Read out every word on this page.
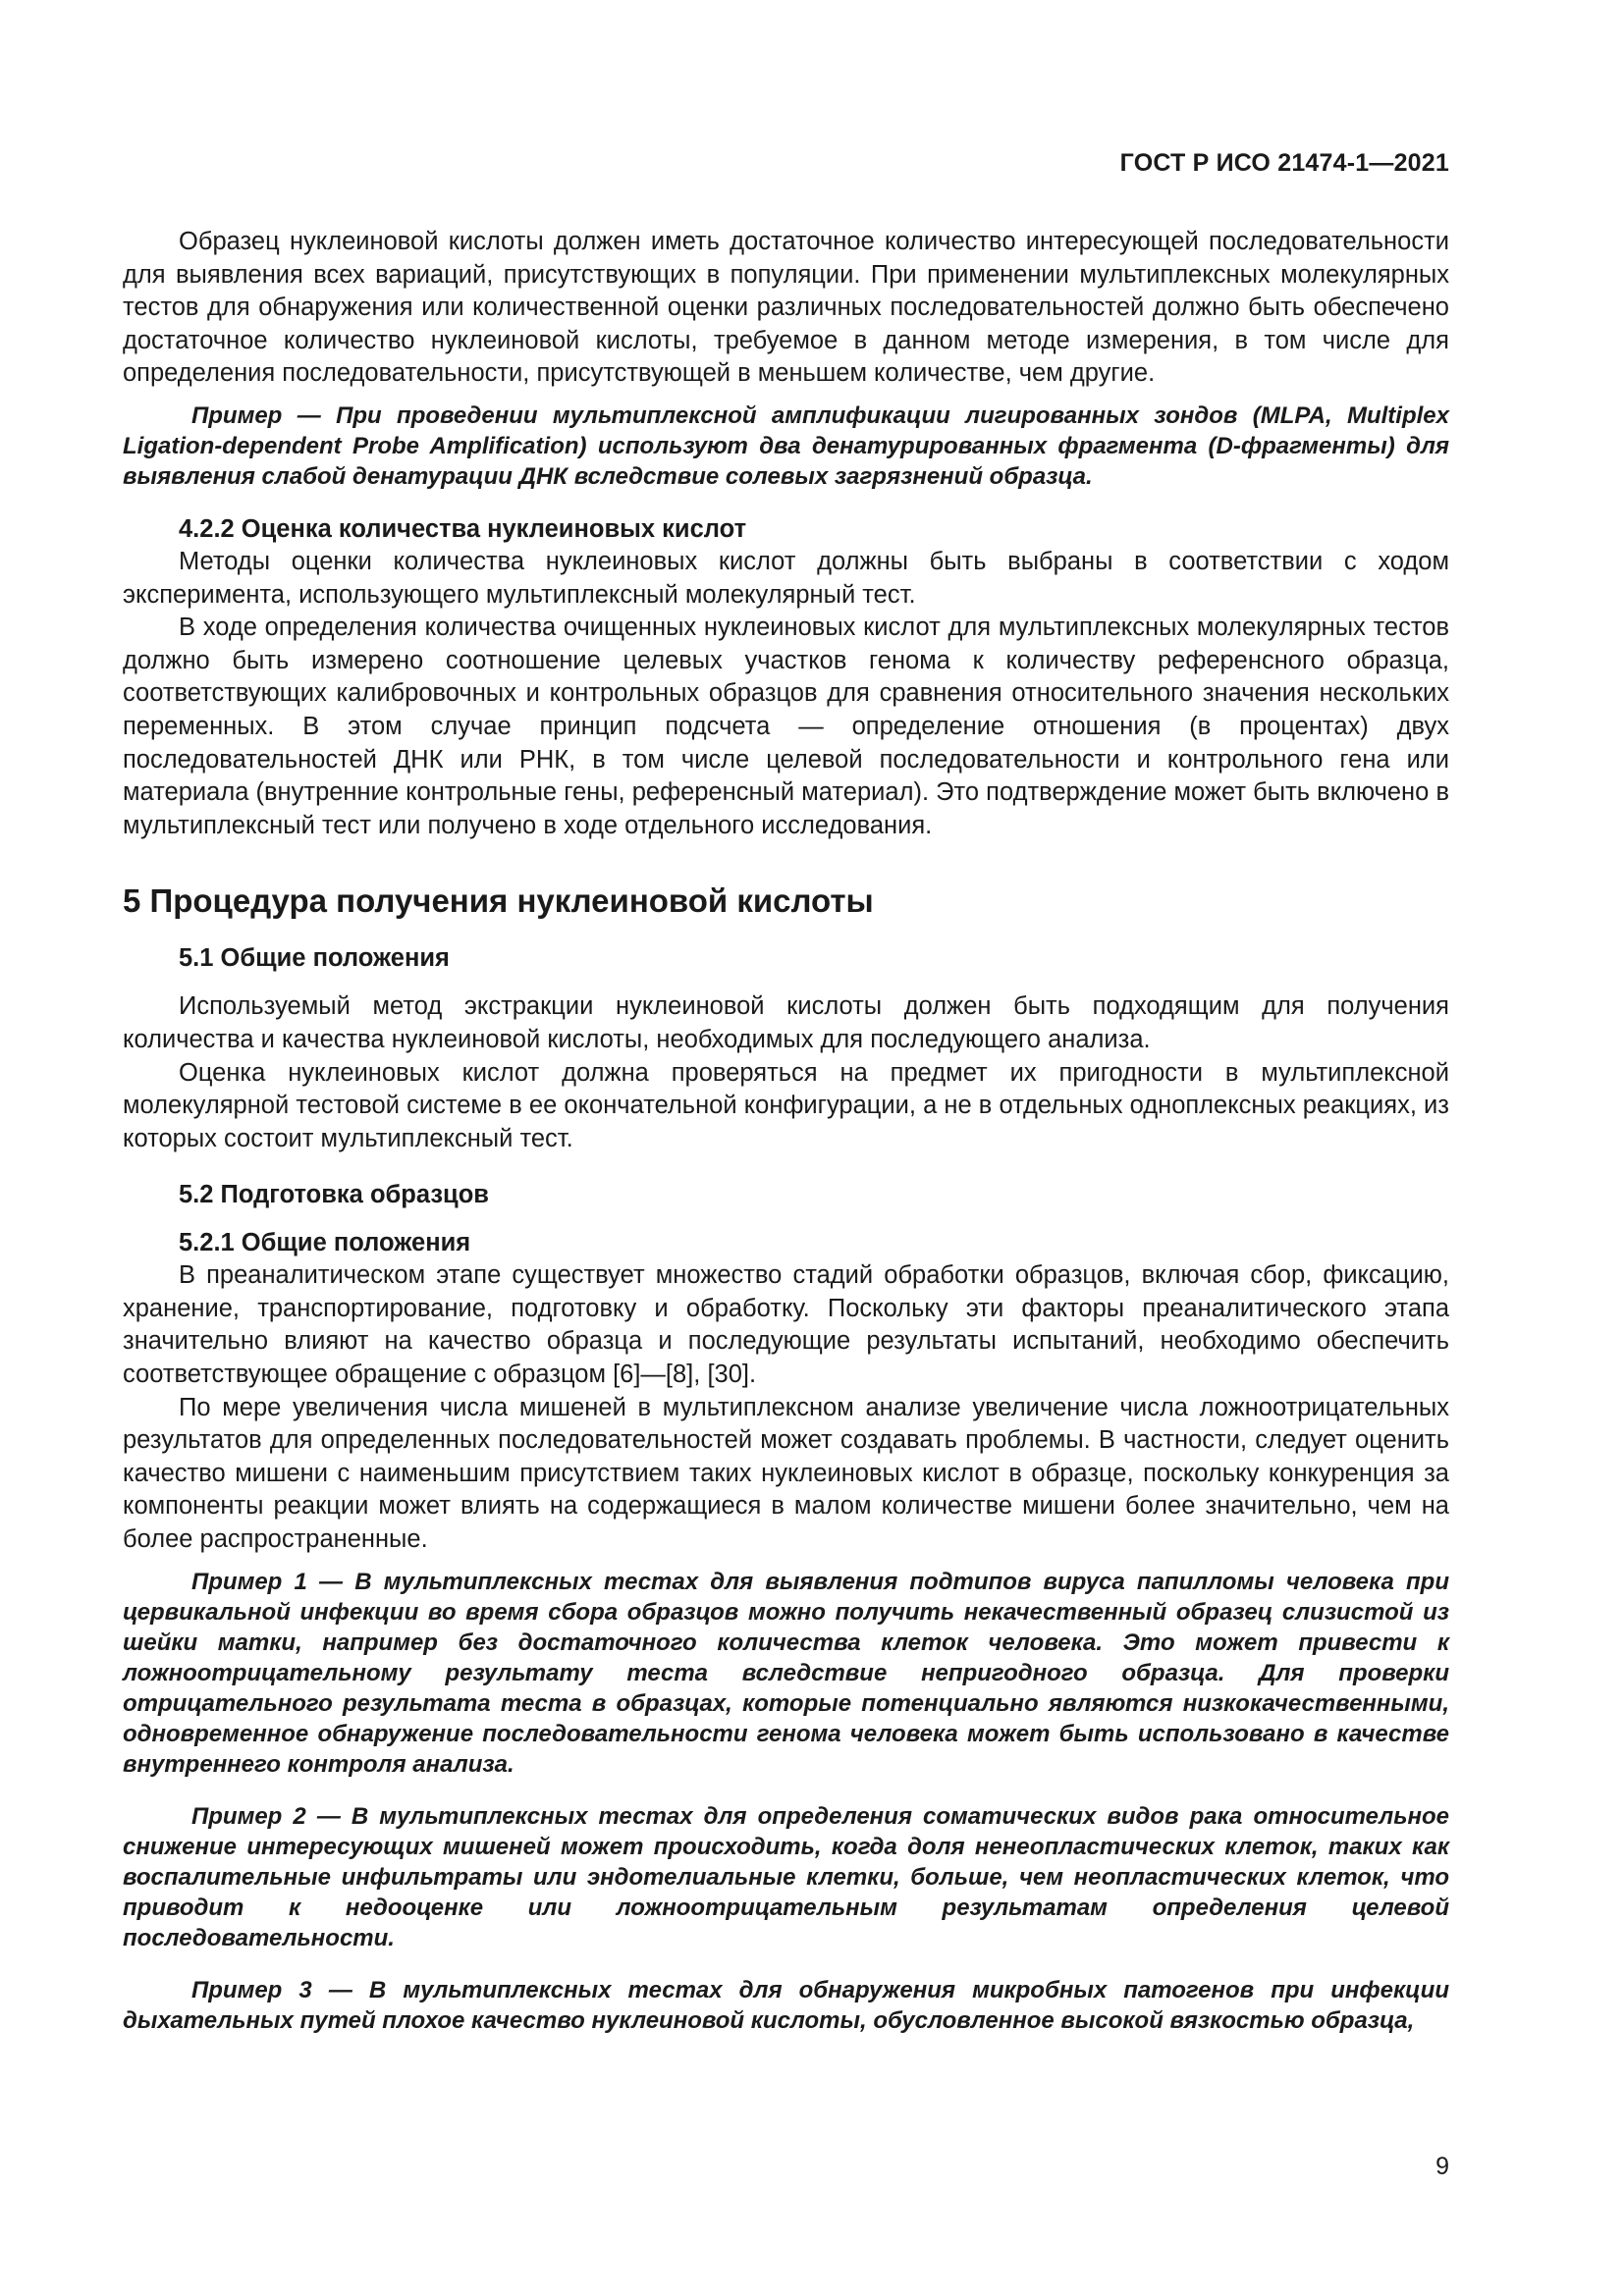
ГОСТ Р ИСО 21474-1—2021

Образец нуклеиновой кислоты должен иметь достаточное количество интересующей последовательности для выявления всех вариаций, присутствующих в популяции. При применении мультиплексных молекулярных тестов для обнаружения или количественной оценки различных последовательностей должно быть обеспечено достаточное количество нуклеиновой кислоты, требуемое в данном методе измерения, в том числе для определения последовательности, присутствующей в меньшем количестве, чем другие.

Пример — При проведении мультиплексной амплификации лигированных зондов (MLPA, Multiplex Ligation-dependent Probe Amplification) используют два денатурированных фрагмента (D-фрагменты) для выявления слабой денатурации ДНК вследствие солевых загрязнений образца.

4.2.2 Оценка количества нуклеиновых кислот

Методы оценки количества нуклеиновых кислот должны быть выбраны в соответствии с ходом эксперимента, использующего мультиплексный молекулярный тест.

В ходе определения количества очищенных нуклеиновых кислот для мультиплексных молекулярных тестов должно быть измерено соотношение целевых участков генома к количеству референсного образца, соответствующих калибровочных и контрольных образцов для сравнения относительного значения нескольких переменных. В этом случае принцип подсчета — определение отношения (в процентах) двух последовательностей ДНК или РНК, в том числе целевой последовательности и контрольного гена или материала (внутренние контрольные гены, референсный материал). Это подтверждение может быть включено в мультиплексный тест или получено в ходе отдельного исследования.

5 Процедура получения нуклеиновой кислоты

5.1 Общие положения

Используемый метод экстракции нуклеиновой кислоты должен быть подходящим для получения количества и качества нуклеиновой кислоты, необходимых для последующего анализа.

Оценка нуклеиновых кислот должна проверяться на предмет их пригодности в мультиплексной молекулярной тестовой системе в ее окончательной конфигурации, а не в отдельных одноплексных реакциях, из которых состоит мультиплексный тест.

5.2 Подготовка образцов

5.2.1 Общие положения

В преаналитическом этапе существует множество стадий обработки образцов, включая сбор, фиксацию, хранение, транспортирование, подготовку и обработку. Поскольку эти факторы преаналитического этапа значительно влияют на качество образца и последующие результаты испытаний, необходимо обеспечить соответствующее обращение с образцом [6]—[8], [30].

По мере увеличения числа мишеней в мультиплексном анализе увеличение числа ложноотрицательных результатов для определенных последовательностей может создавать проблемы. В частности, следует оценить качество мишени с наименьшим присутствием таких нуклеиновых кислот в образце, поскольку конкуренция за компоненты реакции может влиять на содержащиеся в малом количестве мишени более значительно, чем на более распространенные.

Пример 1 — В мультиплексных тестах для выявления подтипов вируса папилломы человека при цервикальной инфекции во время сбора образцов можно получить некачественный образец слизистой из шейки матки, например без достаточного количества клеток человека. Это может привести к ложноотрицательному результату теста вследствие непригодного образца. Для проверки отрицательного результата теста в образцах, которые потенциально являются низкокачественными, одновременное обнаружение последовательности генома человека может быть использовано в качестве внутреннего контроля анализа.

Пример 2 — В мультиплексных тестах для определения соматических видов рака относительное снижение интересующих мишеней может происходить, когда доля ненеопластических клеток, таких как воспалительные инфильтраты или эндотелиальные клетки, больше, чем неопластических клеток, что приводит к недооценке или ложноотрицательным результатам определения целевой последовательности.

Пример 3 — В мультиплексных тестах для обнаружения микробных патогенов при инфекции дыхательных путей плохое качество нуклеиновой кислоты, обусловленное высокой вязкостью образца,

9
